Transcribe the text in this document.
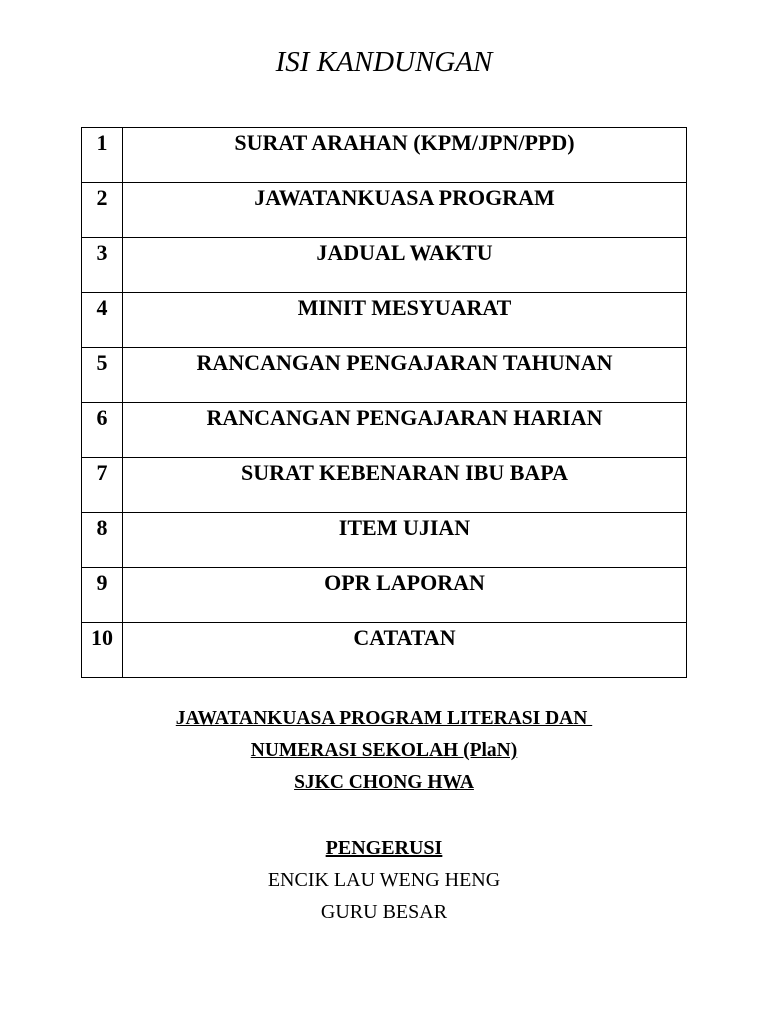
ISI KANDUNGAN
1	SURAT ARAHAN (KPM/JPN/PPD)
2	JAWATANKUASA PROGRAM
3	JADUAL WAKTU
4	MINIT MESYUARAT
5	RANCANGAN PENGAJARAN TAHUNAN
6	RANCANGAN PENGAJARAN HARIAN
7	SURAT KEBENARAN IBU BAPA
8	ITEM UJIAN
9	OPR LAPORAN
10	CATATAN
JAWATANKUASA PROGRAM LITERASI DAN
NUMERASI SEKOLAH (PlaN)
SJKC CHONG HWA
PENGERUSI
ENCIK LAU WENG HENG
GURU BESAR
